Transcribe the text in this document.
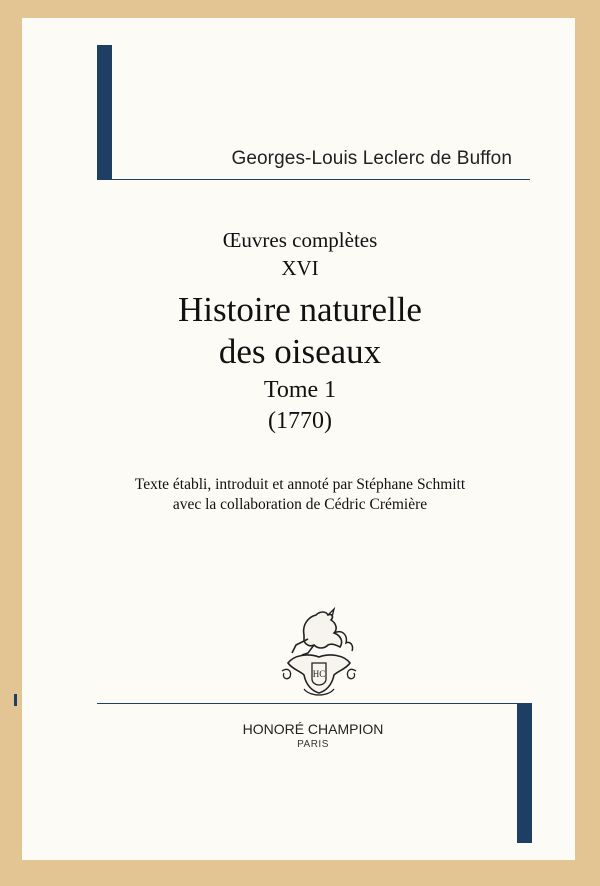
Georges-Louis Leclerc de Buffon
Œuvres complètes
XVI
Histoire naturelle
des oiseaux
Tome 1
(1770)
Texte établi, introduit et annoté par Stéphane Schmitt
avec la collaboration de Cédric Crémière
HC
HONORÉ CHAMPION
PARIS
